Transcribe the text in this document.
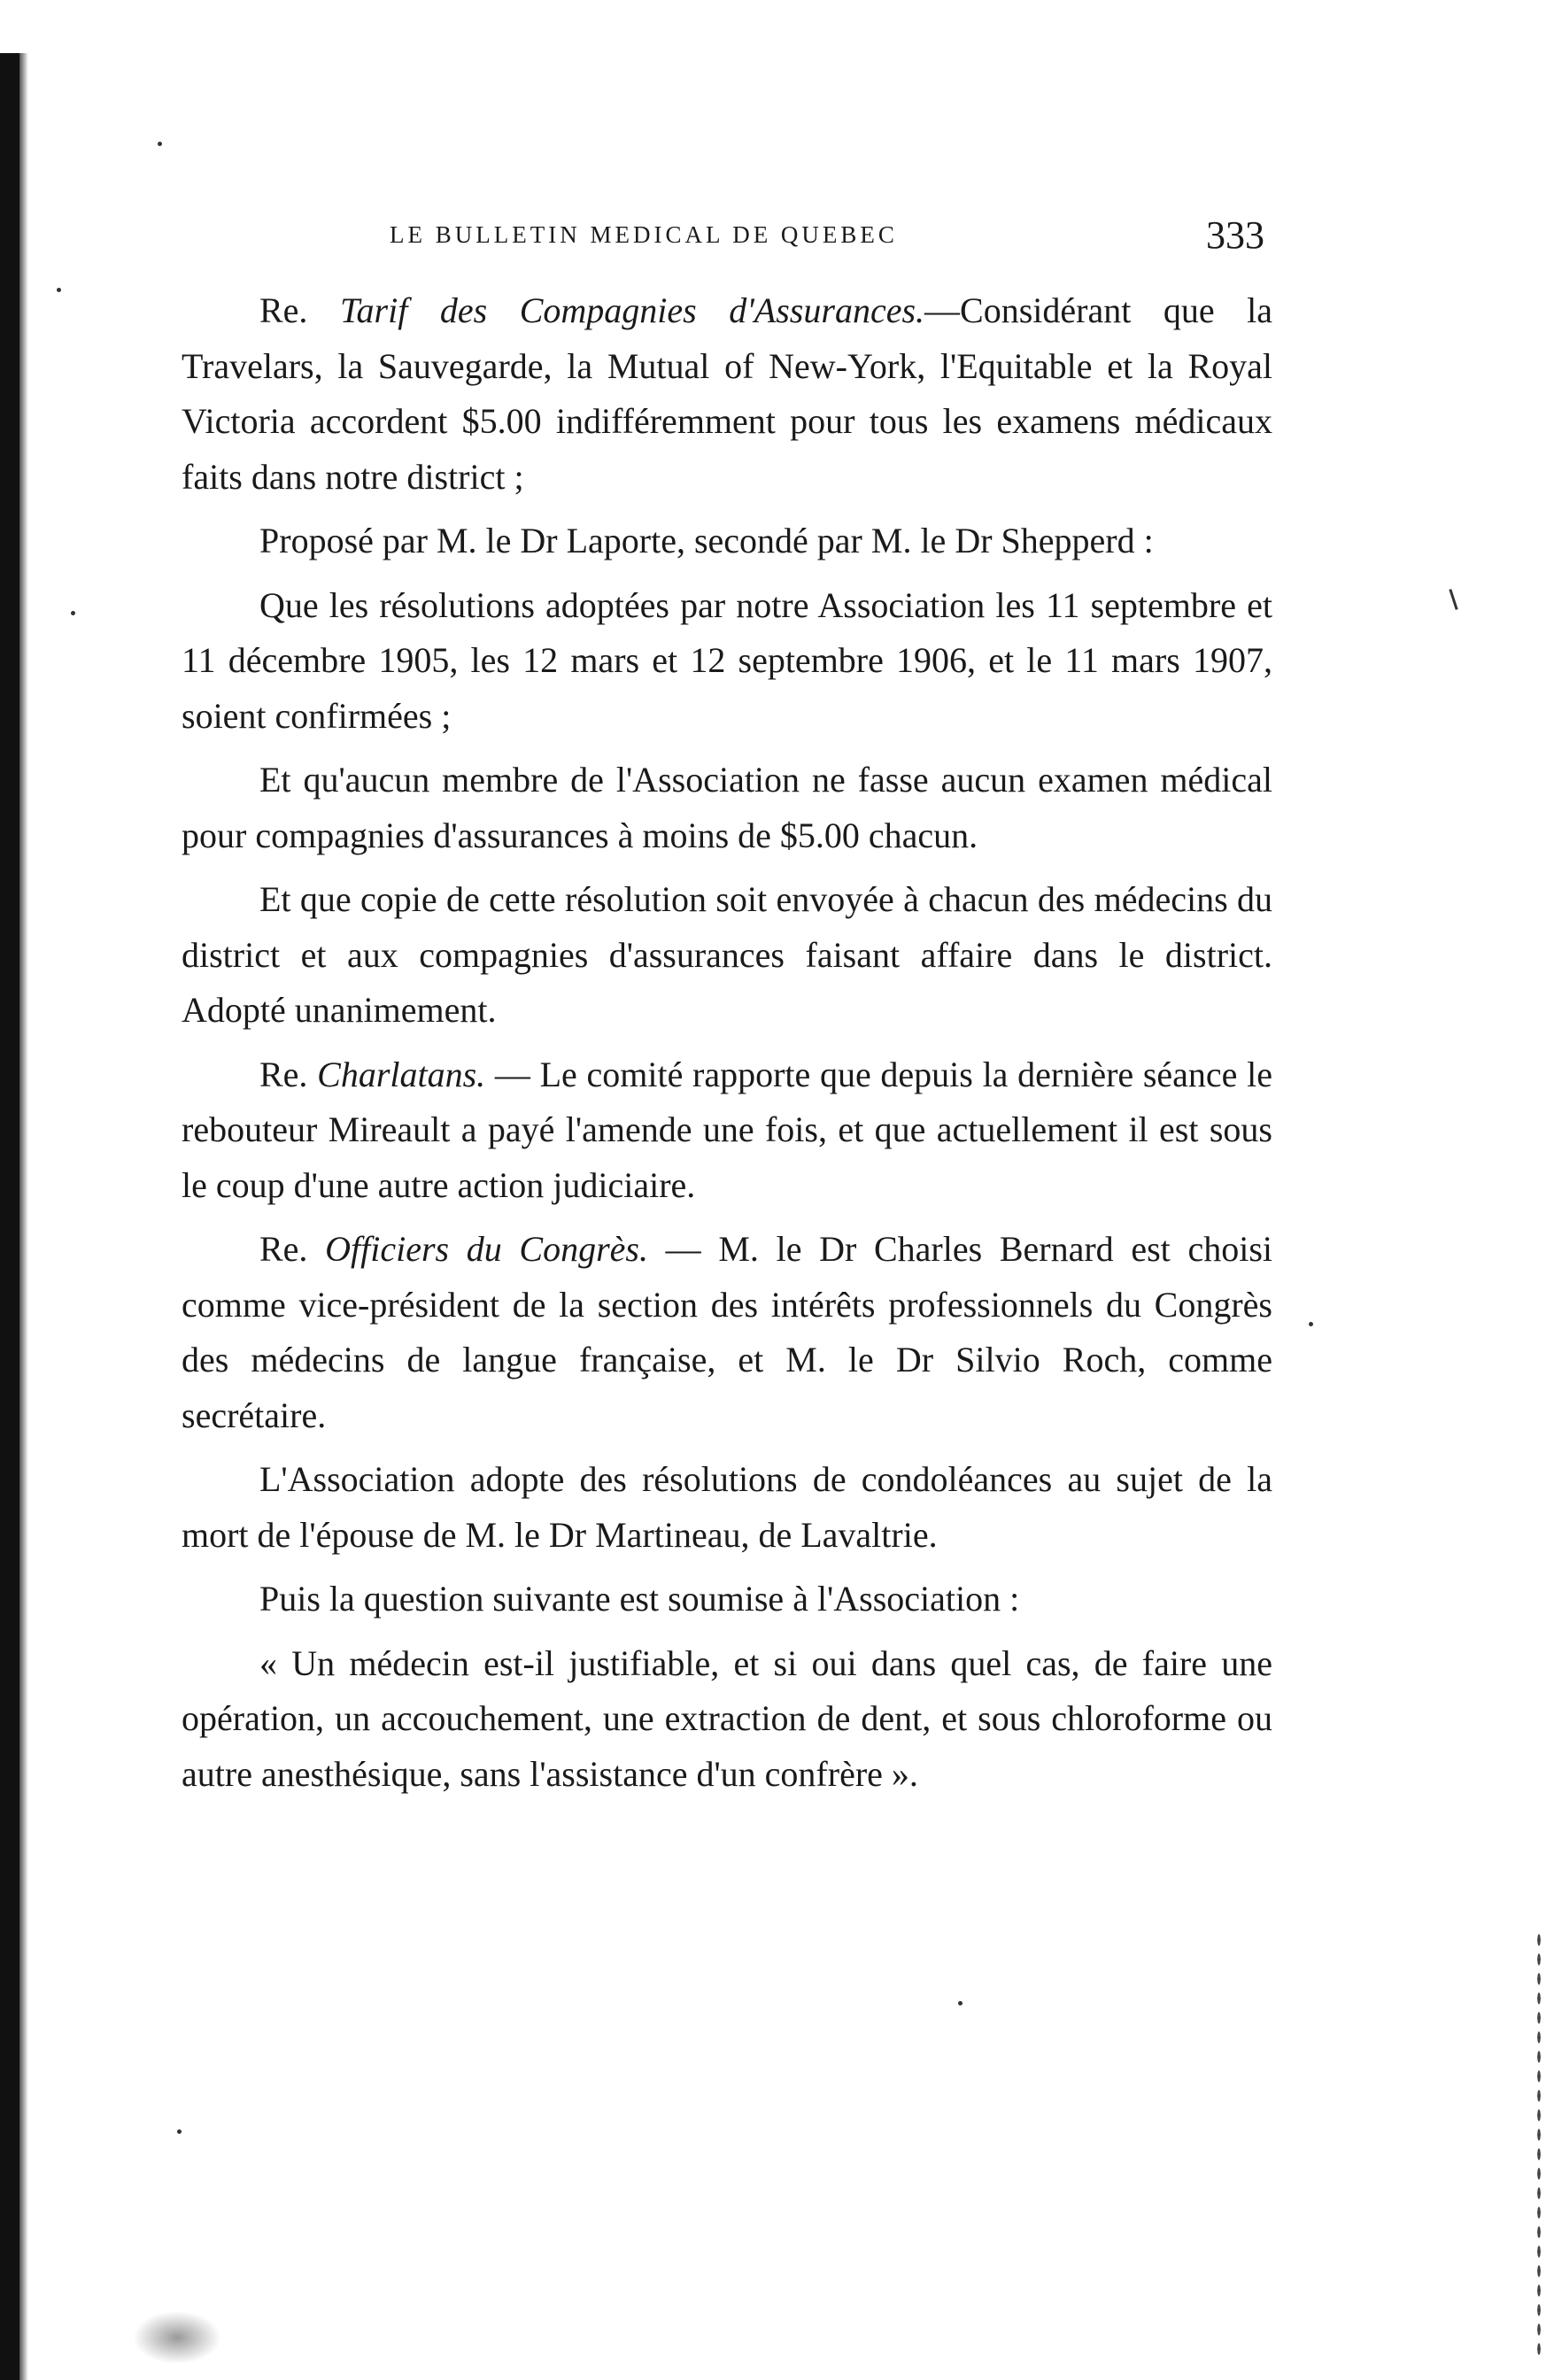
LE BULLETIN MEDICAL DE QUEBEC	333

Re. Tarif des Compagnies d'Assurances.—Considérant que la Travelars, la Sauvegarde, la Mutual of New-York, l'Equitable et la Royal Victoria accordent $5.00 indifféremment pour tous les examens médicaux faits dans notre district ;

Proposé par M. le Dr Laporte, secondé par M. le Dr Shepperd :

Que les résolutions adoptées par notre Association les 11 septembre et 11 décembre 1905, les 12 mars et 12 septembre 1906, et le 11 mars 1907, soient confirmées ;

Et qu'aucun membre de l'Association ne fasse aucun examen médical pour compagnies d'assurances à moins de $5.00 chacun.

Et que copie de cette résolution soit envoyée à chacun des médecins du district et aux compagnies d'assurances faisant affaire dans le district. Adopté unanimement.

Re. Charlatans. — Le comité rapporte que depuis la dernière séance le rebouteur Mireault a payé l'amende une fois, et que actuellement il est sous le coup d'une autre action judiciaire.

Re. Officiers du Congrès. — M. le Dr Charles Bernard est choisi comme vice-président de la section des intérêts professionnels du Congrès des médecins de langue française, et M. le Dr Silvio Roch, comme secrétaire.

L'Association adopte des résolutions de condoléances au sujet de la mort de l'épouse de M. le Dr Martineau, de Lavaltrie.

Puis la question suivante est soumise à l'Association :

« Un médecin est-il justifiable, et si oui dans quel cas, de faire une opération, un accouchement, une extraction de dent, et sous chloroforme ou autre anesthésique, sans l'assistance d'un confrère ».
